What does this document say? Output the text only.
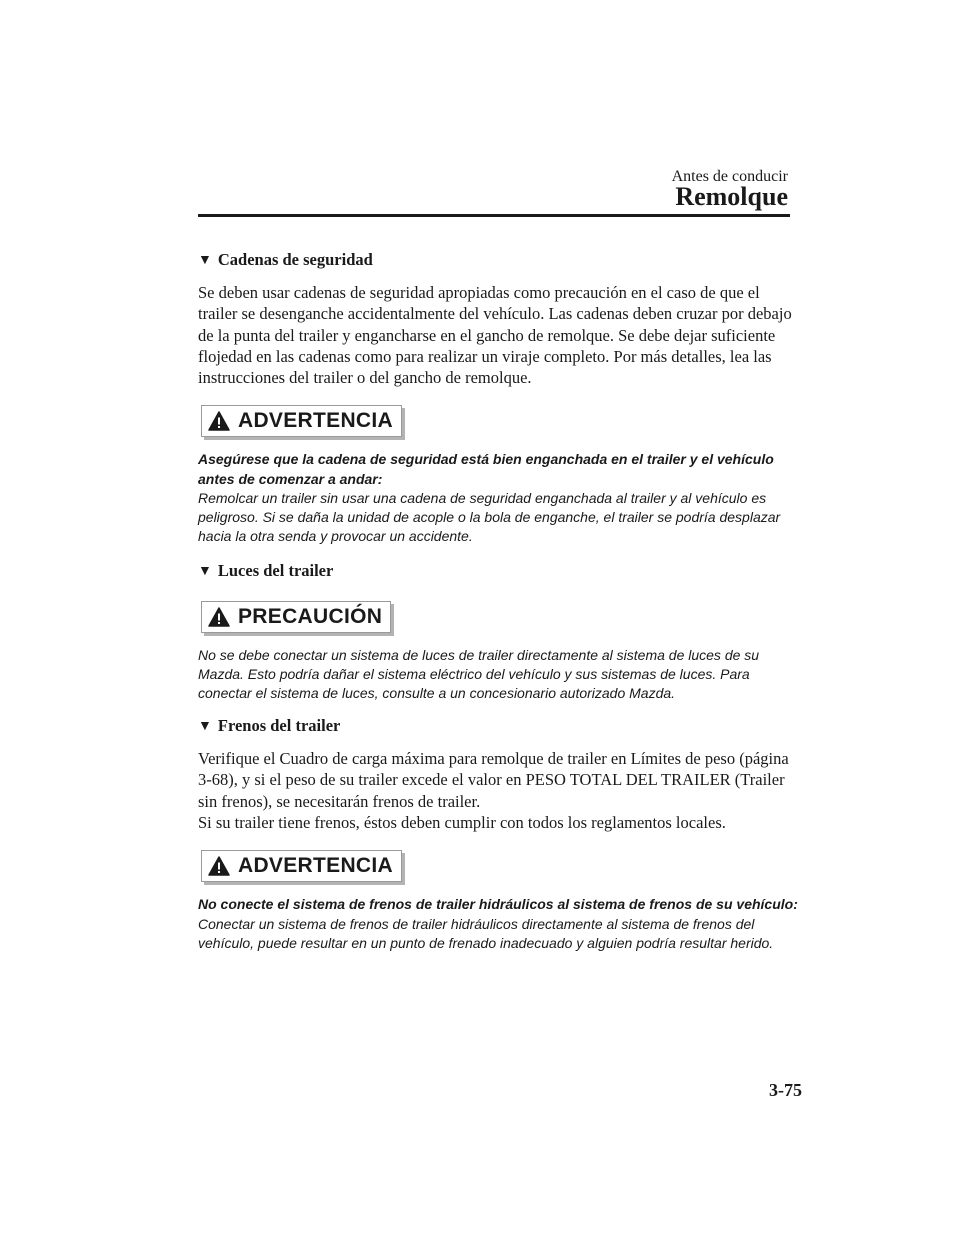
Antes de conducir
Remolque
▼ Cadenas de seguridad

Se deben usar cadenas de seguridad apropiadas como precaución en el caso de que el trailer se desenganche accidentalmente del vehículo. Las cadenas deben cruzar por debajo de la punta del trailer y engancharse en el gancho de remolque. Se debe dejar suficiente flojedad en las cadenas como para realizar un viraje completo. Por más detalles, lea las instrucciones del trailer o del gancho de remolque.

ADVERTENCIA

Asegúrese que la cadena de seguridad está bien enganchada en el trailer y el vehículo antes de comenzar a andar:
Remolcar un trailer sin usar una cadena de seguridad enganchada al trailer y al vehículo es peligroso. Si se daña la unidad de acople o la bola de enganche, el trailer se podría desplazar hacia la otra senda y provocar un accidente.

▼ Luces del trailer
PRECAUCIÓN

No se debe conectar un sistema de luces de trailer directamente al sistema de luces de su Mazda. Esto podría dañar el sistema eléctrico del vehículo y sus sistemas de luces. Para conectar el sistema de luces, consulte a un concesionario autorizado Mazda.

▼ Frenos del trailer

Verifique el Cuadro de carga máxima para remolque de trailer en Límites de peso (página 3-68), y si el peso de su trailer excede el valor en PESO TOTAL DEL TRAILER (Trailer sin frenos), se necesitarán frenos de trailer.
Si su trailer tiene frenos, éstos deben cumplir con todos los reglamentos locales.

ADVERTENCIA

No conecte el sistema de frenos de trailer hidráulicos al sistema de frenos de su vehículo:
Conectar un sistema de frenos de trailer hidráulicos directamente al sistema de frenos del vehículo, puede resultar en un punto de frenado inadecuado y alguien podría resultar herido.

3-75
